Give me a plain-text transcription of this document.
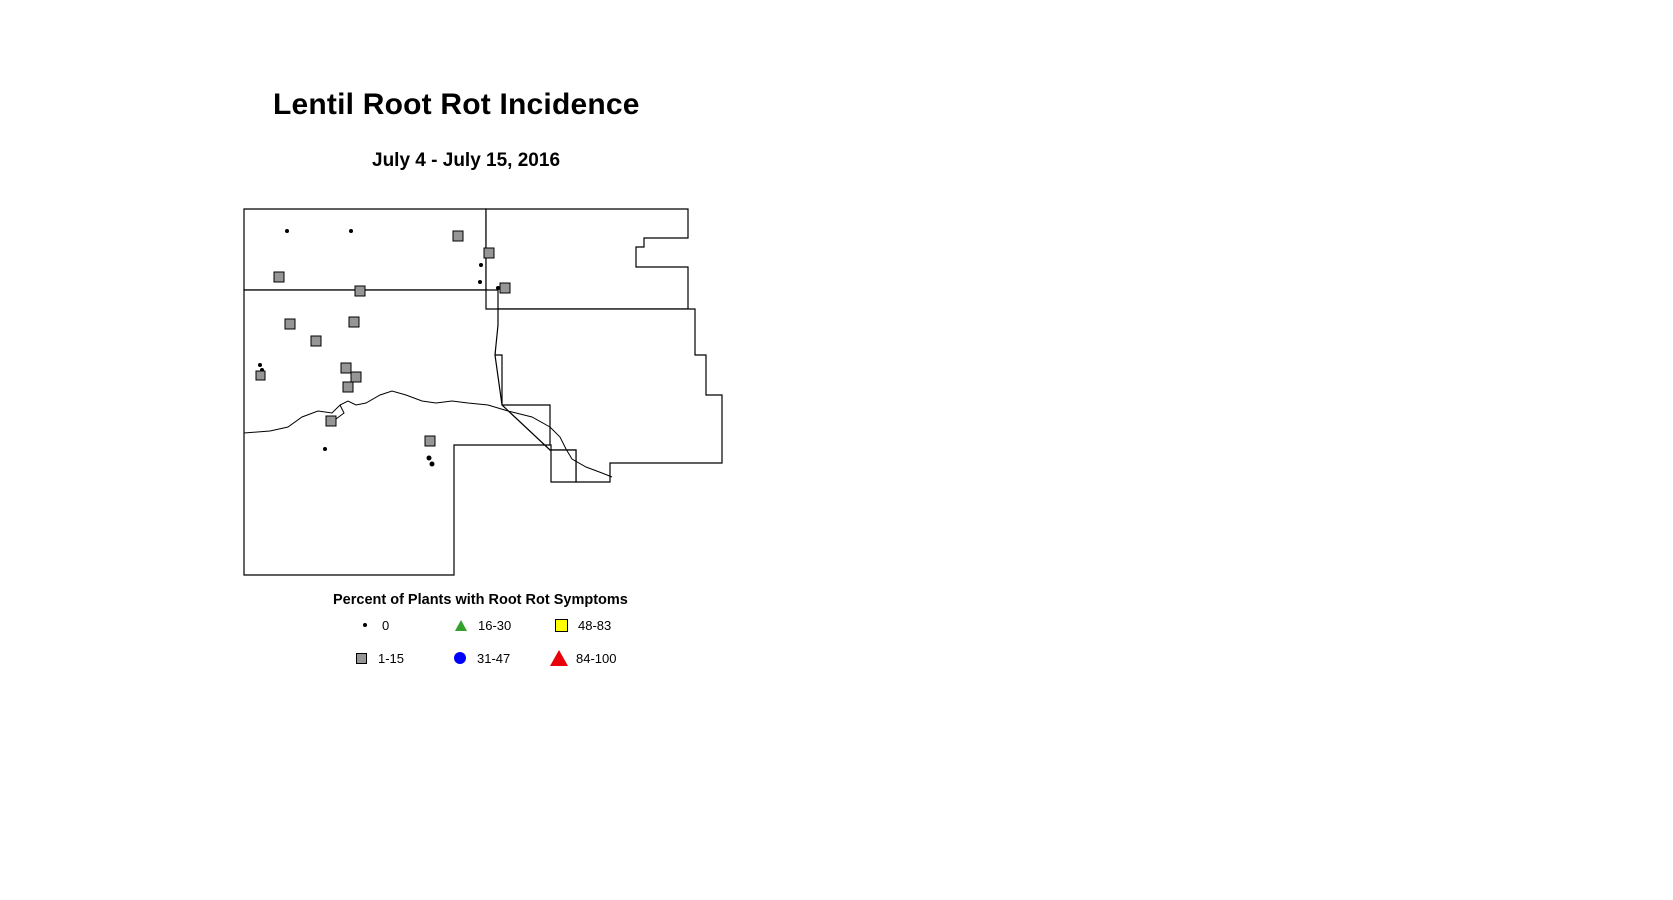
Lentil Root Rot Incidence
July 4 - July 15, 2016
Percent of Plants with Root Rot Symptoms
0
1-15
16-30
31-47
48-83
84-100
